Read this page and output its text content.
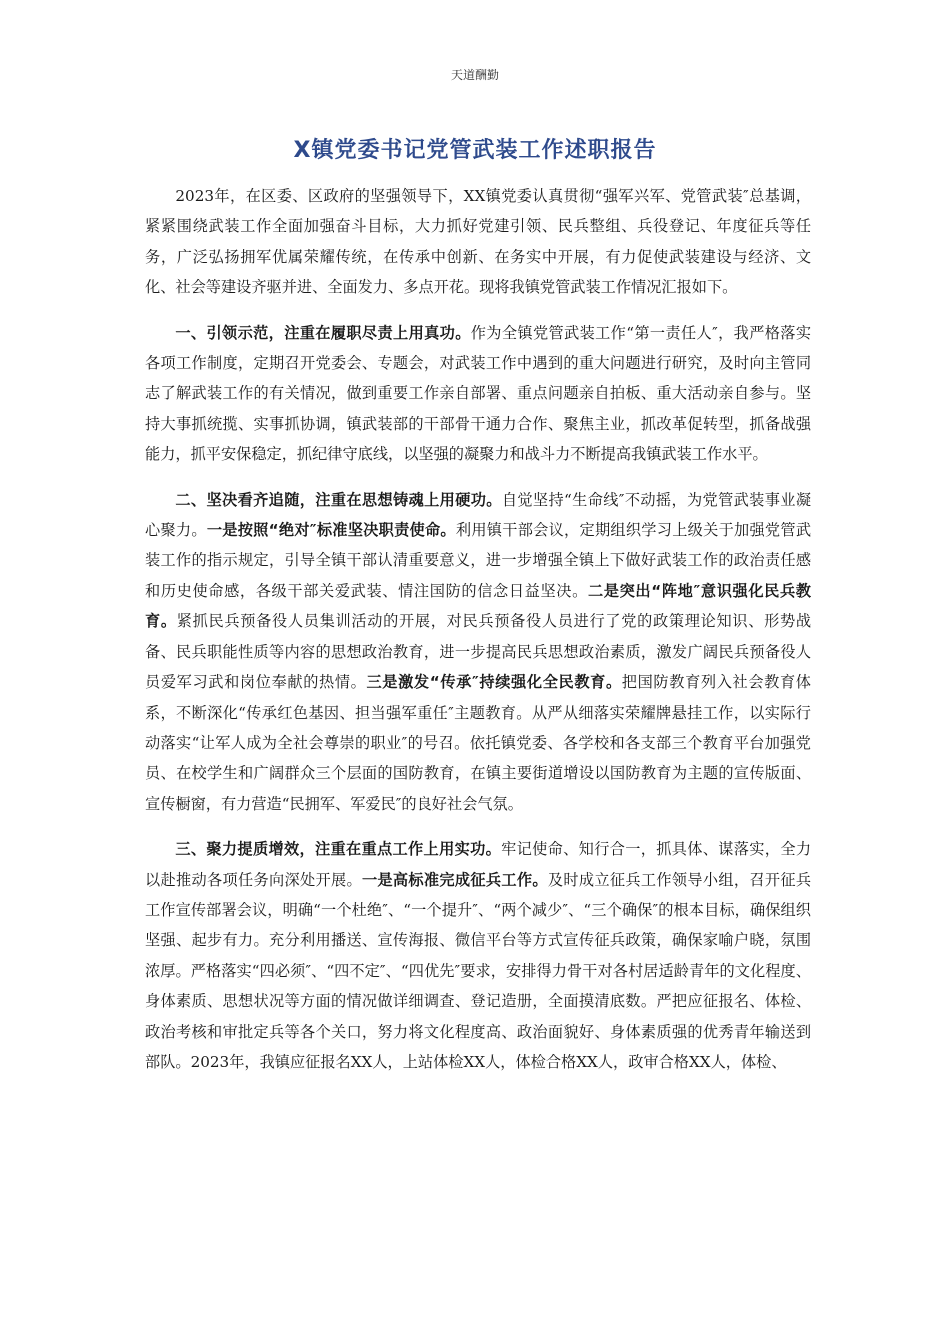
天道酬勤
X镇党委书记党管武装工作述职报告

2023年，在区委、区政府的坚强领导下，XX镇党委认真贯彻“强军兴军、党管武装″总基调，紧紧围绕武装工作全面加强奋斗目标，大力抓好党建引领、民兵整组、兵役登记、年度征兵等任务，广泛弘扬拥军优属荣耀传统，在传承中创新、在务实中开展，有力促使武装建设与经济、文化、社会等建设齐驱并进、全面发力、多点开花。现将我镇党管武装工作情况汇报如下。

一、引领示范，注重在履职尽责上用真功。作为全镇党管武装工作“第一责任人″，我严格落实各项工作制度，定期召开党委会、专题会，对武装工作中遇到的重大问题进行研究，及时向主管同志了解武装工作的有关情况，做到重要工作亲自部署、重点问题亲自拍板、重大活动亲自参与。坚持大事抓统揽、实事抓协调，镇武装部的干部骨干通力合作、聚焦主业，抓改革促转型，抓备战强能力，抓平安保稳定，抓纪律守底线，以坚强的凝聚力和战斗力不断提高我镇武装工作水平。

二、坚决看齐追随，注重在思想铸魂上用硬功。自觉坚持“生命线″不动摇，为党管武装事业凝心聚力。一是按照“绝对″标准坚决职责使命。利用镇干部会议，定期组织学习上级关于加强党管武装工作的指示规定，引导全镇干部认清重要意义，进一步增强全镇上下做好武装工作的政治责任感和历史使命感，各级干部关爱武装、情注国防的信念日益坚决。二是突出“阵地″意识强化民兵教育。紧抓民兵预备役人员集训活动的开展，对民兵预备役人员进行了党的政策理论知识、形势战备、民兵职能性质等内容的思想政治教育，进一步提高民兵思想政治素质，激发广阔民兵预备役人员爱军习武和岗位奉献的热情。三是激发“传承″持续强化全民教育。把国防教育列入社会教育体系，不断深化“传承红色基因、担当强军重任″主题教育。从严从细落实荣耀牌悬挂工作，以实际行动落实“让军人成为全社会尊崇的职业″的号召。依托镇党委、各学校和各支部三个教育平台加强党员、在校学生和广阔群众三个层面的国防教育，在镇主要街道增设以国防教育为主题的宣传版面、宣传橱窗，有力营造“民拥军、军爱民″的良好社会气氛。

三、聚力提质增效，注重在重点工作上用实功。牢记使命、知行合一，抓具体、谋落实，全力以赴推动各项任务向深处开展。一是高标准完成征兵工作。及时成立征兵工作领导小组，召开征兵工作宣传部署会议，明确“一个杜绝″、“一个提升″、“两个减少″、“三个确保″的根本目标，确保组织坚强、起步有力。充分利用播送、宣传海报、微信平台等方式宣传征兵政策，确保家喻户晓，氛围浓厚。严格落实“四必须″、“四不定″、“四优先″要求，安排得力骨干对各村居适龄青年的文化程度、身体素质、思想状况等方面的情况做详细调查、登记造册，全面摸清底数。严把应征报名、体检、政治考核和审批定兵等各个关口，努力将文化程度高、政治面貌好、身体素质强的优秀青年输送到部队。2023年，我镇应征报名XX人，上站体检XX人，体检合格XX人，政审合格XX人，体检、
